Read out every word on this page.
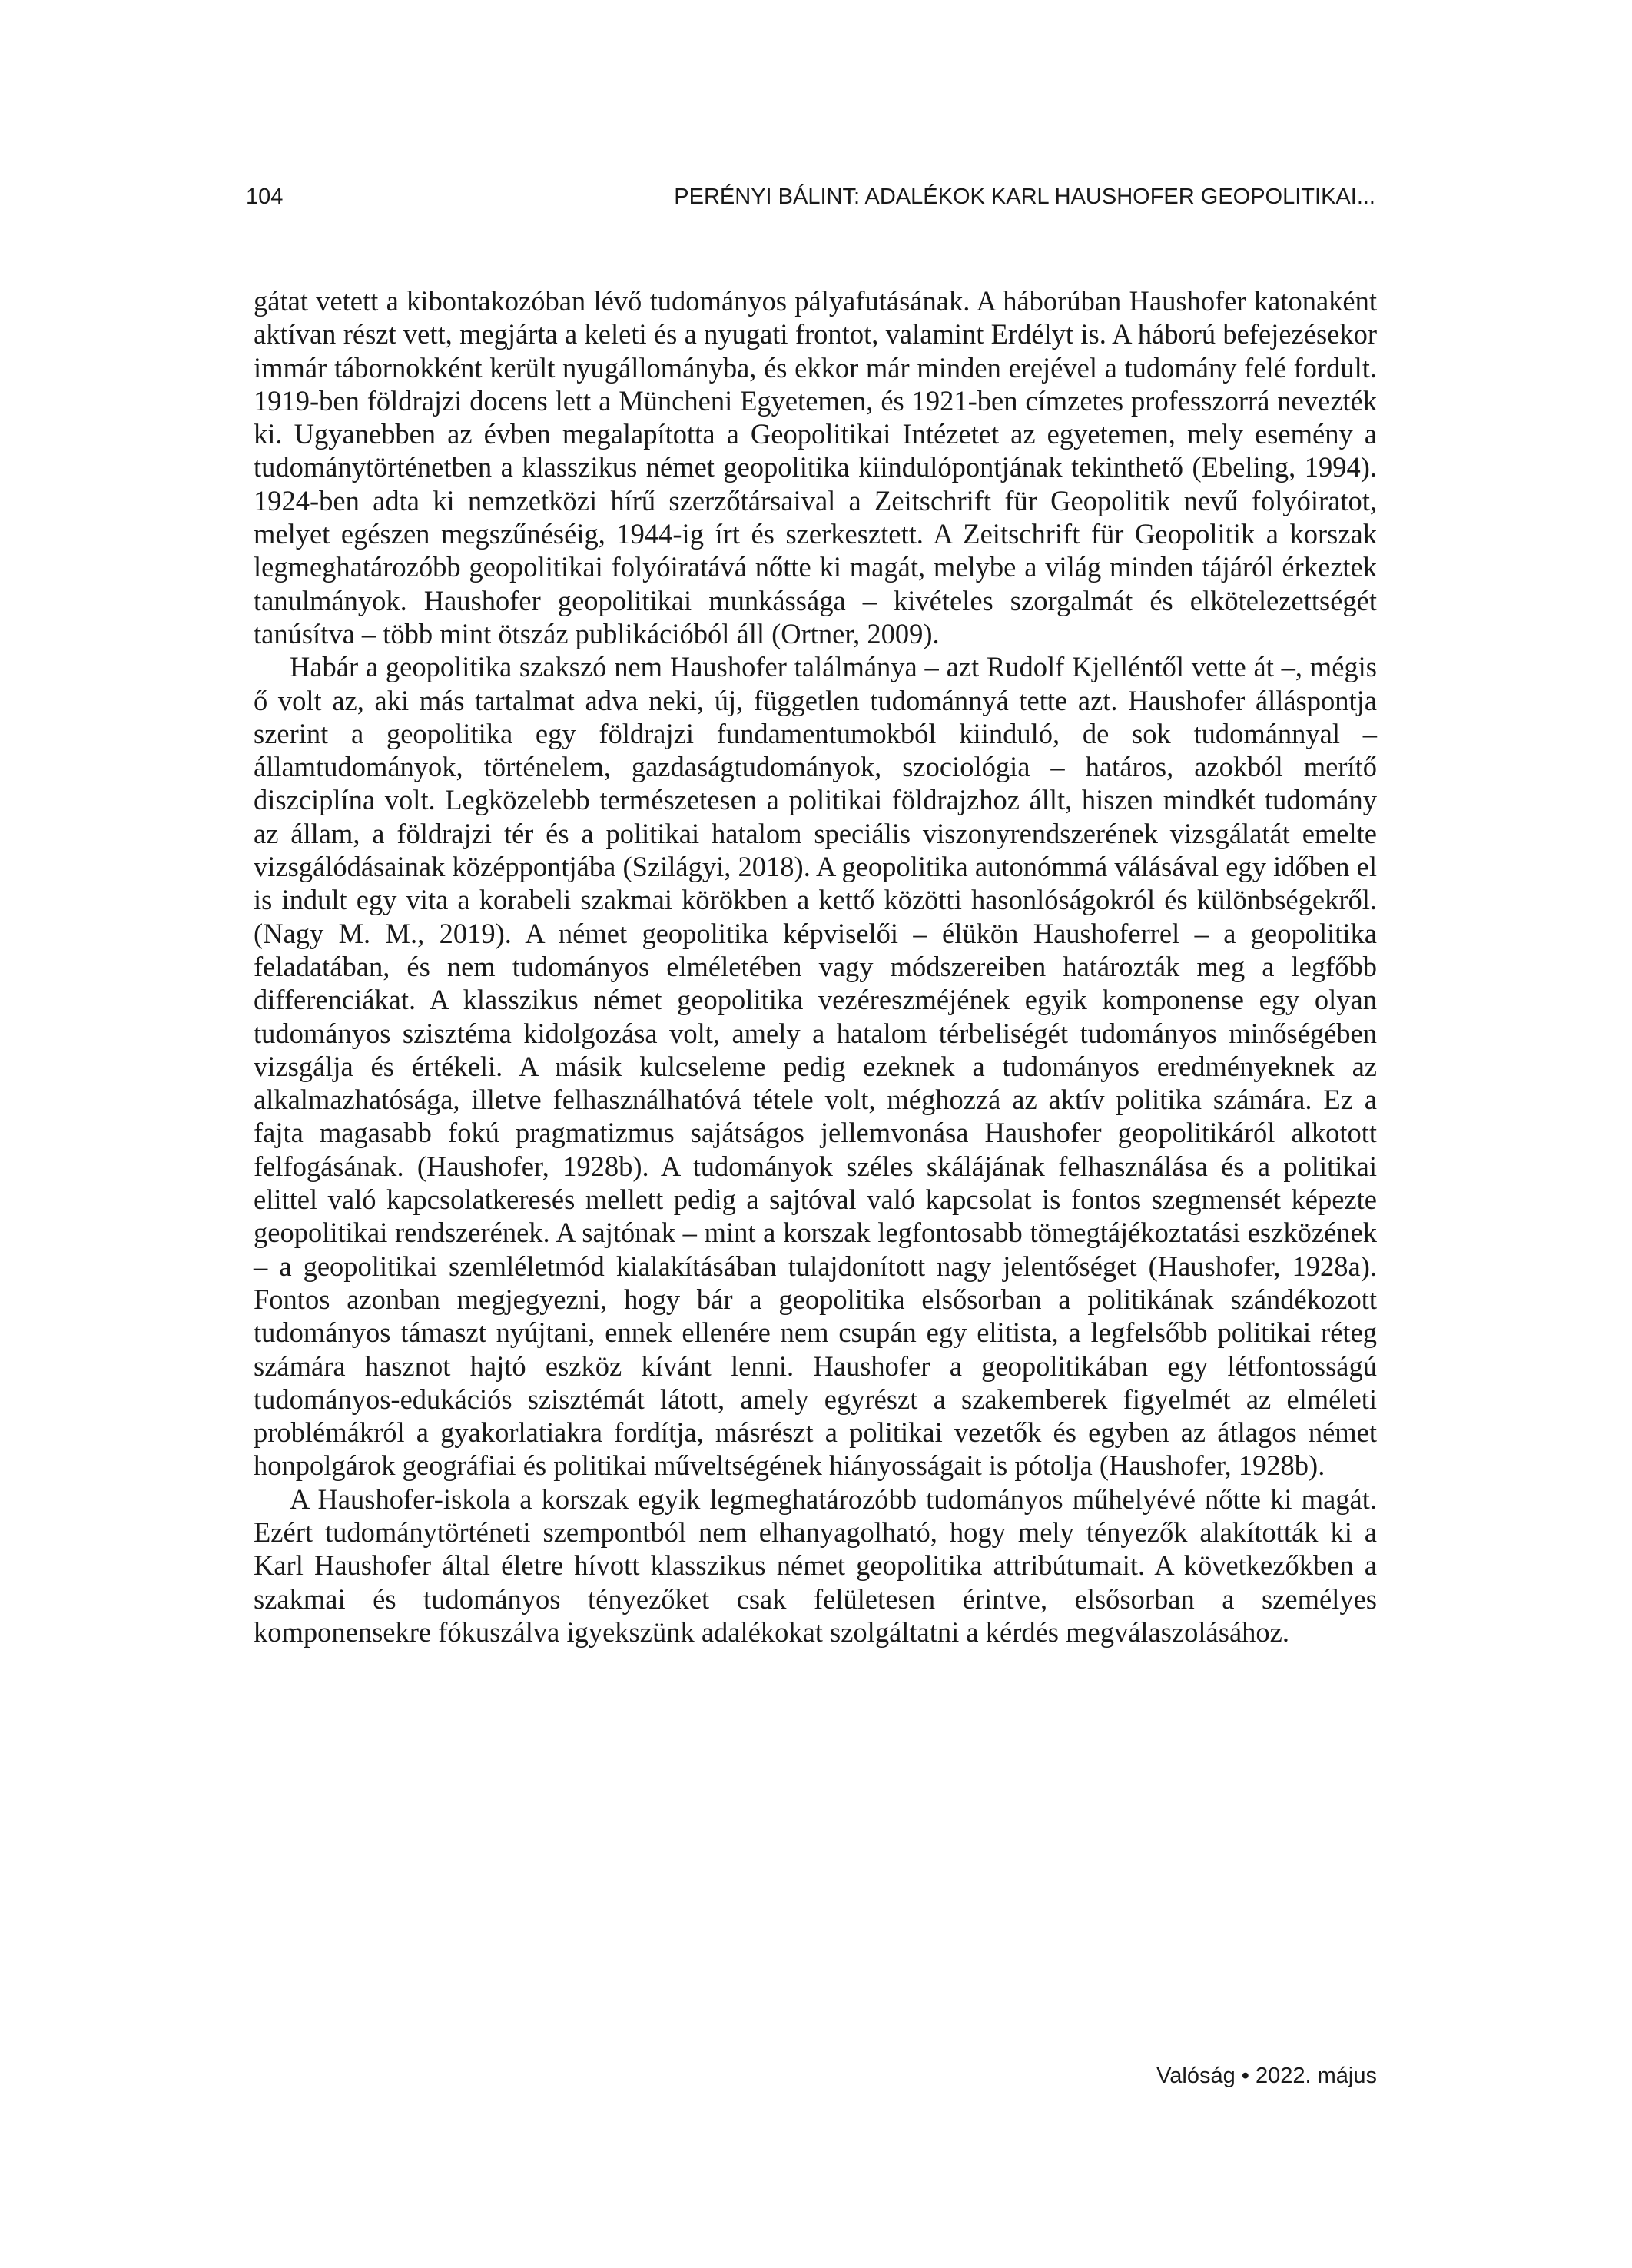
104	PERÉNYI BÁLINT: ADALÉKOK KARL HAUSHOFER GEOPOLITIKAI...

gátat vetett a kibontakozóban lévő tudományos pályafutásának. A háborúban Haushofer katonaként aktívan részt vett, megjárta a keleti és a nyugati frontot, valamint Erdélyt is. A háború befejezésekor immár tábornokként került nyugállományba, és ekkor már minden erejével a tudomány felé fordult. 1919-ben földrajzi docens lett a Müncheni Egyetemen, és 1921-ben címzetes professzorrá nevezték ki. Ugyanebben az évben megalapította a Geopolitikai Intézetet az egyetemen, mely esemény a tudománytörténetben a klasszikus német geopolitika kiindulópontjának tekinthető (Ebeling, 1994). 1924-ben adta ki nemzetközi hírű szerzőtársaival a Zeitschrift für Geopolitik nevű folyóiratot, melyet egészen megszűnéséig, 1944-ig írt és szerkesztett. A Zeitschrift für Geopolitik a korszak legmeghatározóbb geopolitikai folyóiratává nőtte ki magát, melybe a világ minden tájáról érkeztek tanulmányok. Haushofer geopolitikai munkássága – kivételes szorgalmát és elkötelezettségét tanúsítva – több mint ötszáz publikációból áll (Ortner, 2009).

Habár a geopolitika szakszó nem Haushofer találmánya – azt Rudolf Kjelléntől vette át –, mégis ő volt az, aki más tartalmat adva neki, új, független tudománnyá tette azt. Haushofer álláspontja szerint a geopolitika egy földrajzi fundamentumokból kiinduló, de sok tudománnyal – államtudományok, történelem, gazdaságtudományok, szociológia – határos, azokból merítő diszciplína volt. Legközelebb természetesen a politikai földrajzhoz állt, hiszen mindkét tudomány az állam, a földrajzi tér és a politikai hatalom speciális viszonyrendszerének vizsgálatát emelte vizsgálódásainak középpontjába (Szilágyi, 2018). A geopolitika autonómmá válásával egy időben el is indult egy vita a korabeli szakmai körökben a kettő közötti hasonlóságokról és különbségekről. (Nagy M. M., 2019). A német geopolitika képviselői – élükön Haushoferrel – a geopolitika feladatában, és nem tudományos elméletében vagy módszereiben határozták meg a legfőbb differenciákat. A klasszikus német geopolitika vezéreszméjének egyik komponense egy olyan tudományos szisztéma kidolgozása volt, amely a hatalom térbeliségét tudományos minőségében vizsgálja és értékeli. A másik kulcseleme pedig ezeknek a tudományos eredményeknek az alkalmazhatósága, illetve felhasználhatóvá tétele volt, méghozzá az aktív politika számára. Ez a fajta magasabb fokú pragmatizmus sajátságos jellemvonása Haushofer geopolitikáról alkotott felfogásának. (Haushofer, 1928b). A tudományok széles skálájának felhasználása és a politikai elittel való kapcsolatkeresés mellett pedig a sajtóval való kapcsolat is fontos szegmensét képezte geopolitikai rendszerének. A sajtónak – mint a korszak legfontosabb tömegtájékoztatási eszközének – a geopolitikai szemléletmód kialakításában tulajdonított nagy jelentőséget (Haushofer, 1928a). Fontos azonban megjegyezni, hogy bár a geopolitika elsősorban a politikának szándékozott tudományos támaszt nyújtani, ennek ellenére nem csupán egy elitista, a legfelsőbb politikai réteg számára hasznot hajtó eszköz kívánt lenni. Haushofer a geopolitikában egy létfontosságú tudományos-edukációs szisztémát látott, amely egyrészt a szakemberek figyelmét az elméleti problémákról a gyakorlatiakra fordítja, másrészt a politikai vezetők és egyben az átlagos német honpolgárok geográfiai és politikai műveltségének hiányosságait is pótolja (Haushofer, 1928b).

A Haushofer-iskola a korszak egyik legmeghatározóbb tudományos műhelyévé nőtte ki magát. Ezért tudománytörténeti szempontból nem elhanyagolható, hogy mely tényezők alakították ki a Karl Haushofer által életre hívott klasszikus német geopolitika attribútumait. A következőkben a szakmai és tudományos tényezőket csak felületesen érintve, elsősorban a személyes komponensekre fókuszálva igyekszünk adalékokat szolgáltatni a kérdés megválaszolásához.

Valóság • 2022. május
